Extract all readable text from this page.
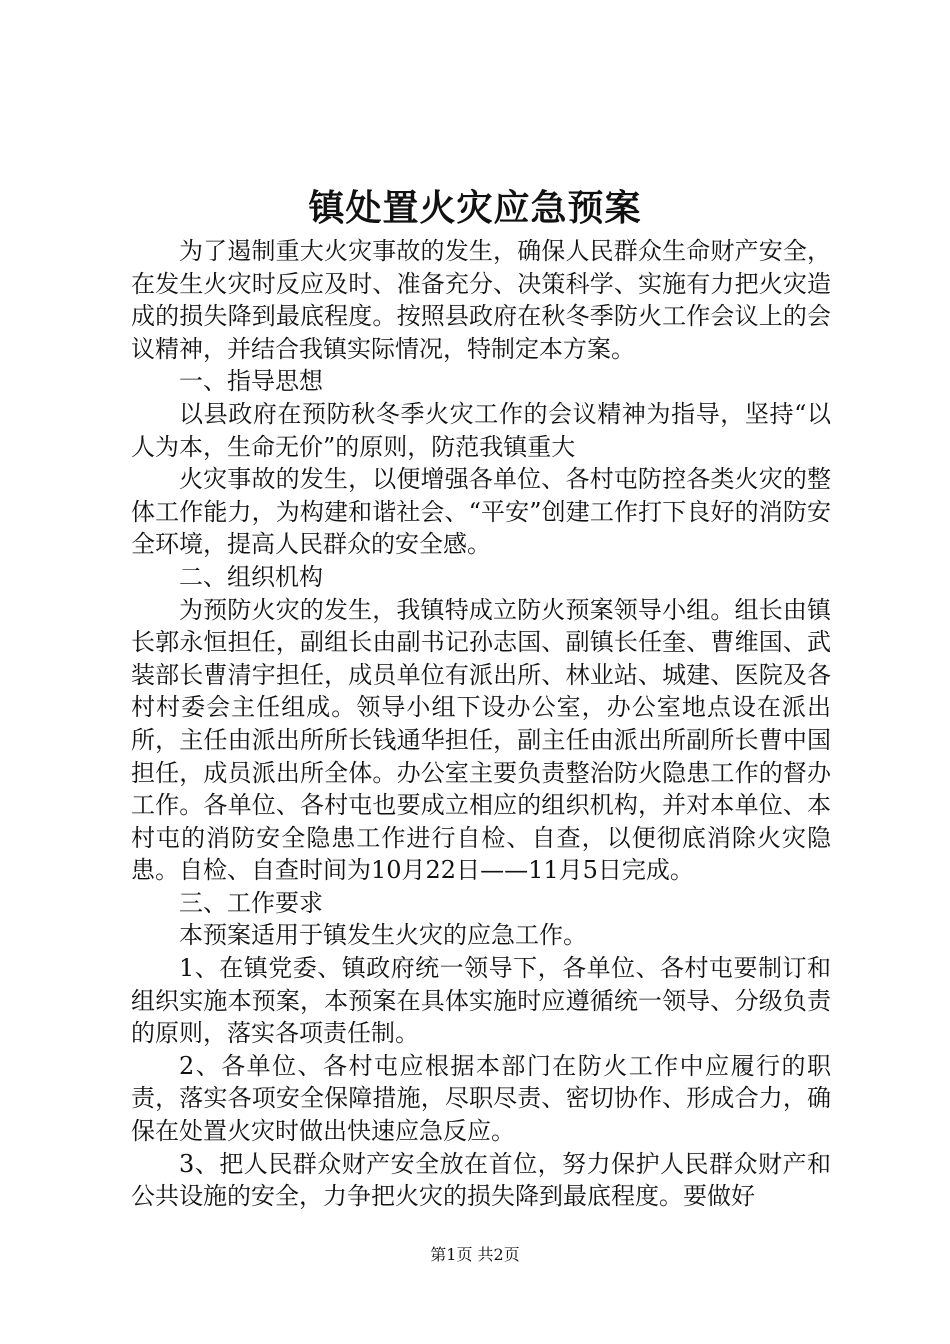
镇处置火灾应急预案

为了遏制重大火灾事故的发生，确保人民群众生命财产安全，在发生火灾时反应及时、准备充分、决策科学、实施有力把火灾造成的损失降到最底程度。按照县政府在秋冬季防火工作会议上的会议精神，并结合我镇实际情况，特制定本方案。

一、指导思想

以县政府在预防秋冬季火灾工作的会议精神为指导，坚持“以人为本，生命无价”的原则，防范我镇重大

火灾事故的发生，以便增强各单位、各村屯防控各类火灾的整体工作能力，为构建和谐社会、“平安”创建工作打下良好的消防安全环境，提高人民群众的安全感。

二、组织机构

为预防火灾的发生，我镇特成立防火预案领导小组。组长由镇长郭永恒担任，副组长由副书记孙志国、副镇长任奎、曹维国、武装部长曹清宇担任，成员单位有派出所、林业站、城建、医院及各村村委会主任组成。领导小组下设办公室，办公室地点设在派出所，主任由派出所所长钱通华担任，副主任由派出所副所长曹中国担任，成员派出所全体。办公室主要负责整治防火隐患工作的督办工作。各单位、各村屯也要成立相应的组织机构，并对本单位、本村屯的消防安全隐患工作进行自检、自查，以便彻底消除火灾隐患。自检、自查时间为10月22日——11月5日完成。

三、工作要求

本预案适用于镇发生火灾的应急工作。

1、在镇党委、镇政府统一领导下，各单位、各村屯要制订和组织实施本预案，本预案在具体实施时应遵循统一领导、分级负责的原则，落实各项责任制。

2、各单位、各村屯应根据本部门在防火工作中应履行的职责，落实各项安全保障措施，尽职尽责、密切协作、形成合力，确保在处置火灾时做出快速应急反应。

3、把人民群众财产安全放在首位，努力保护人民群众财产和公共设施的安全，力争把火灾的损失降到最底程度。要做好

第1页 共2页
